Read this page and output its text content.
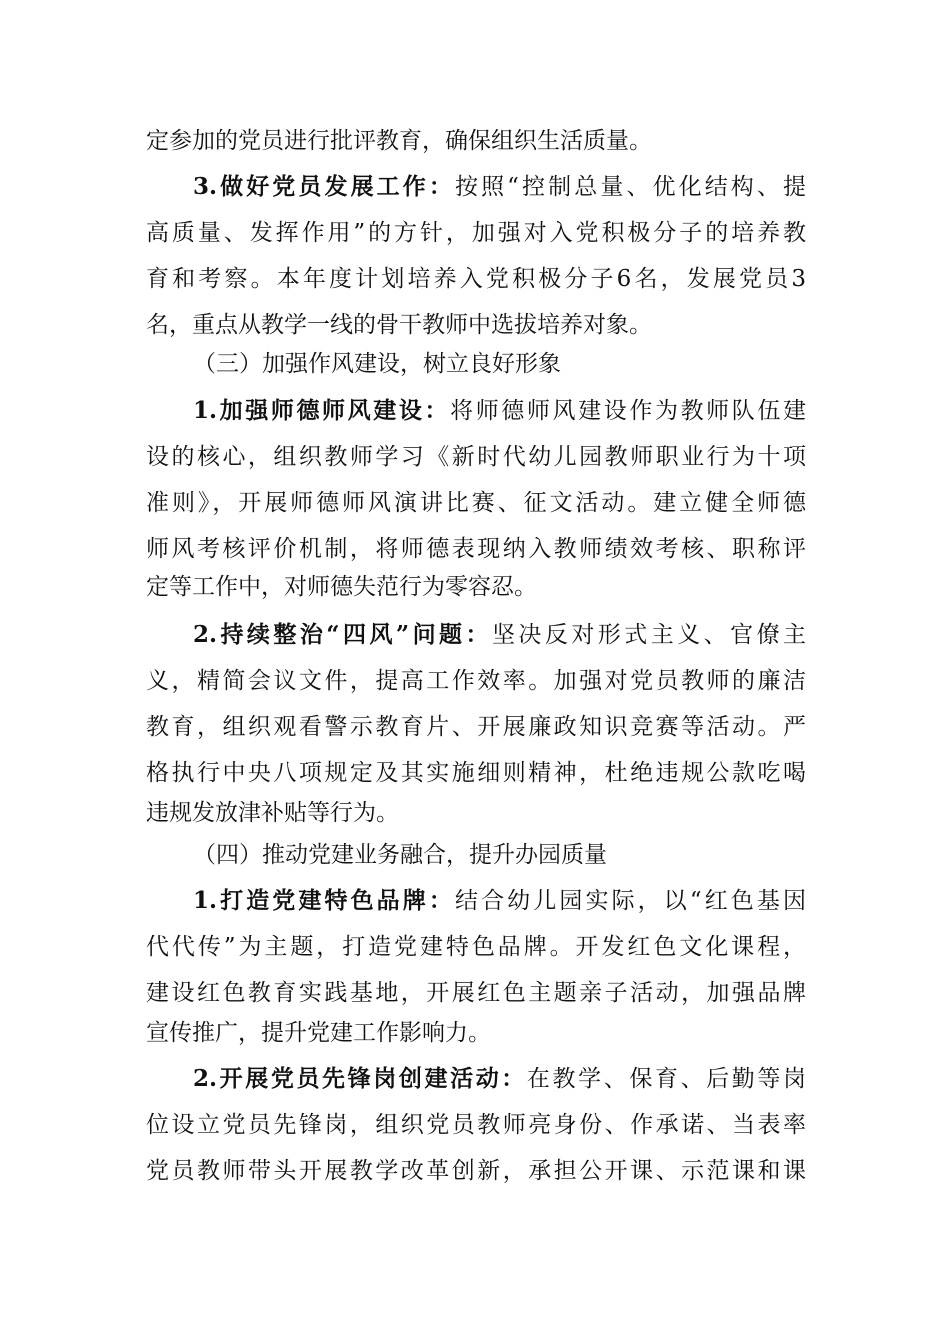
定参加的党员进行批评教育，确保组织生活质量。
3.做好党员发展工作：按照“控制总量、优化结构、提
高质量、发挥作用”的方针，加强对入党积极分子的培养教
育和考察。本年度计划培养入党积极分子6名，发展党员3
名，重点从教学一线的骨干教师中选拔培养对象。
（三）加强作风建设，树立良好形象
1.加强师德师风建设：将师德师风建设作为教师队伍建
设的核心，组织教师学习《新时代幼儿园教师职业行为十项
准则》，开展师德师风演讲比赛、征文活动。建立健全师德
师风考核评价机制，将师德表现纳入教师绩效考核、职称评
定等工作中，对师德失范行为零容忍。
2.持续整治“四风”问题：坚决反对形式主义、官僚主
义，精简会议文件，提高工作效率。加强对党员教师的廉洁
教育，组织观看警示教育片、开展廉政知识竞赛等活动。严
格执行中央八项规定及其实施细则精神，杜绝违规公款吃喝
违规发放津补贴等行为。
（四）推动党建业务融合，提升办园质量
1.打造党建特色品牌：结合幼儿园实际，以“红色基因
代代传”为主题，打造党建特色品牌。开发红色文化课程，
建设红色教育实践基地，开展红色主题亲子活动，加强品牌
宣传推广，提升党建工作影响力。
2.开展党员先锋岗创建活动：在教学、保育、后勤等岗
位设立党员先锋岗，组织党员教师亮身份、作承诺、当表率
党员教师带头开展教学改革创新，承担公开课、示范课和课
